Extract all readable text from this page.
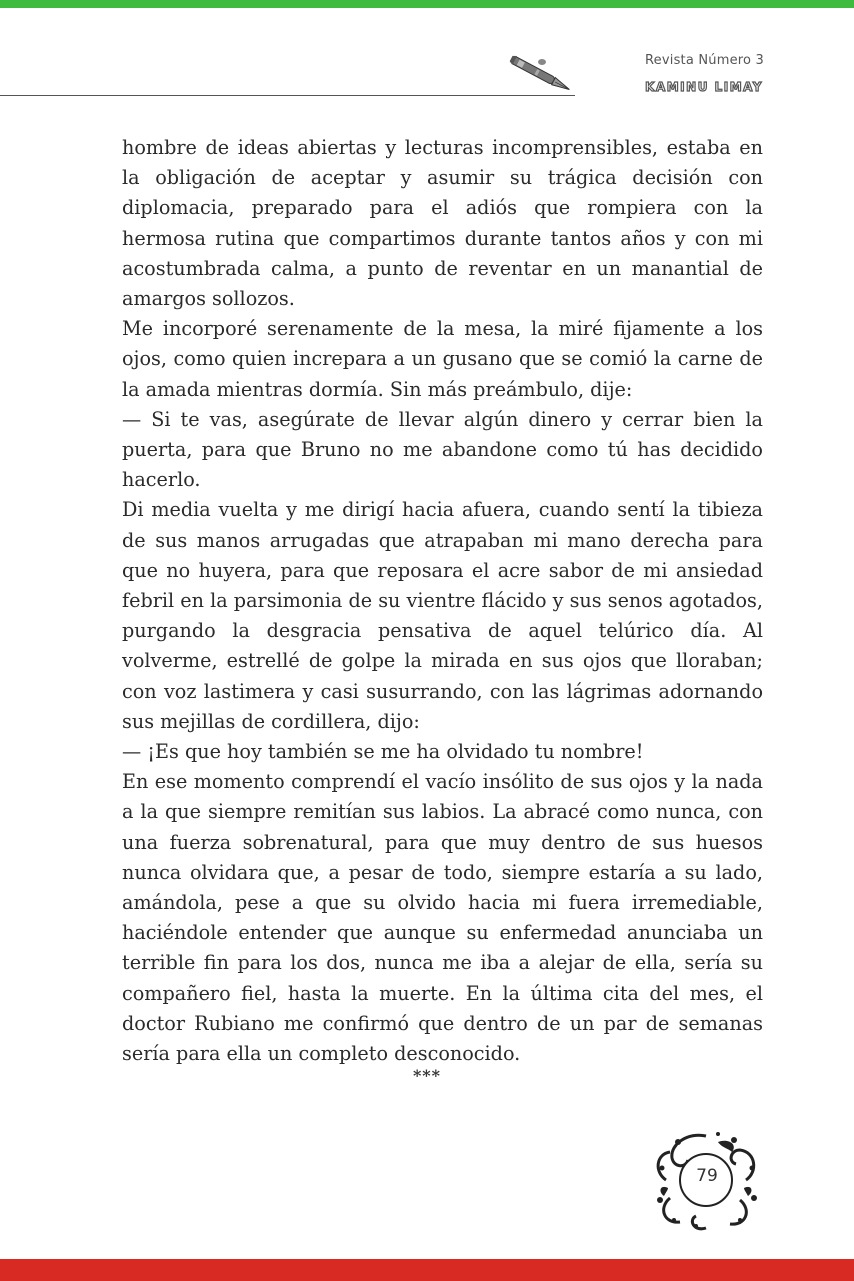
Revista Número 3
KAMINU LIMAY

hombre de ideas abiertas y lecturas incomprensibles, estaba en la obligación de aceptar y asumir su trágica decisión con diplomacia, preparado para el adiós que rompiera con la hermosa rutina que compartimos durante tantos años y con mi acostumbrada calma, a punto de reventar en un manantial de amargos sollozos.

Me incorporé serenamente de la mesa, la miré fijamente a los ojos, como quien increpara a un gusano que se comió la carne de la amada mientras dormía. Sin más preámbulo, dije:

— Si te vas, asegúrate de llevar algún dinero y cerrar bien la puerta, para que Bruno no me abandone como tú has decidido hacerlo.

Di media vuelta y me dirigí hacia afuera, cuando sentí la tibieza de sus manos arrugadas que atrapaban mi mano derecha para que no huyera, para que reposara el acre sabor de mi ansiedad febril en la parsimonia de su vientre flácido y sus senos agotados, purgando la desgracia pensativa de aquel telúrico día. Al volverme, estrellé de golpe la mirada en sus ojos que lloraban; con voz lastimera y casi susurrando, con las lágrimas adornando sus mejillas de cordillera, dijo:

— ¡Es que hoy también se me ha olvidado tu nombre!

En ese momento comprendí el vacío insólito de sus ojos y la nada a la que siempre remitían sus labios. La abracé como nunca, con una fuerza sobrenatural, para que muy dentro de sus huesos nunca olvidara que, a pesar de todo, siempre estaría a su lado, amándola, pese a que su olvido hacia mi fuera irremediable, haciéndole entender que aunque su enfermedad anunciaba un terrible fin para los dos, nunca me iba a alejar de ella, sería su compañero fiel, hasta la muerte. En la última cita del mes, el doctor Rubiano me confirmó que dentro de un par de semanas sería para ella un completo desconocido.

***
79
